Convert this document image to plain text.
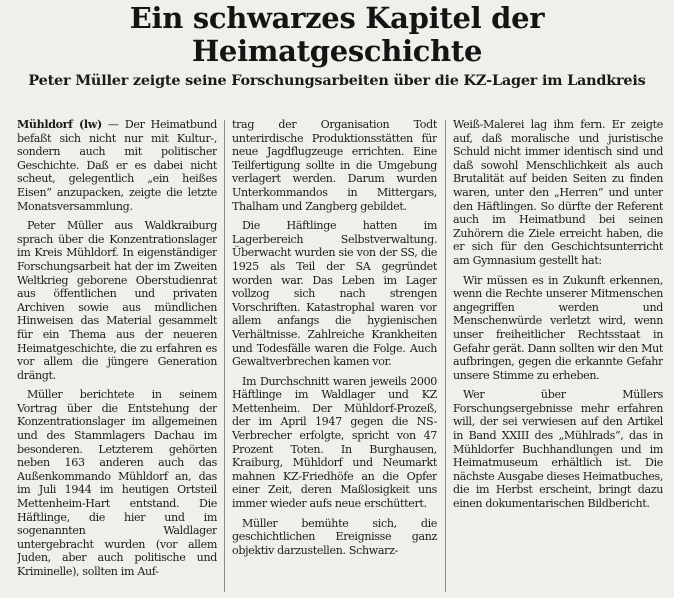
Ein schwarzes Kapitel der
Heimatgeschichte
Peter Müller zeigte seine Forschungsarbeiten über die KZ-Lager im Landkreis

Mühldorf (lw) — Der Heimatbund befaßt sich nicht nur mit Kultur-, sondern auch mit politischer Geschichte. Daß er es dabei nicht scheut, gelegentlich „ein heißes Eisen“ anzupacken, zeigte die letzte Monatsversammlung.

Peter Müller aus Waldkraiburg sprach über die Konzentrationslager im Kreis Mühldorf. In eigenständiger Forschungsarbeit hat der im Zweiten Weltkrieg geborene Oberstudienrat aus öffentlichen und privaten Archiven sowie aus mündlichen Hinweisen das Material gesammelt für ein Thema aus der neueren Heimatgeschichte, die zu erfahren es vor allem die jüngere Generation drängt.

Müller berichtete in seinem Vortrag über die Entstehung der Konzentrationslager im allgemeinen und des Stammlagers Dachau im besonderen. Letzterem gehörten neben 163 anderen auch das Außenkommando Mühldorf an, das im Juli 1944 im heutigen Ortsteil Mettenheim-Hart entstand. Die Häftlinge, die hier und im sogenannten Waldlager untergebracht wurden (vor allem Juden, aber auch politische und Kriminelle), sollten im Auf-

trag der Organisation Todt unterirdische Produktionsstätten für neue Jagdflugzeuge errichten. Eine Teilfertigung sollte in die Umgebung verlagert werden. Darum wurden Unterkommandos in Mittergars, Thalham und Zangberg gebildet.

Die Häftlinge hatten im Lagerbereich Selbstverwaltung. Überwacht wurden sie von der SS, die 1925 als Teil der SA gegründet worden war. Das Leben im Lager vollzog sich nach strengen Vorschriften. Katastrophal waren vor allem anfangs die hygienischen Verhältnisse. Zahlreiche Krankheiten und Todesfälle waren die Folge. Auch Gewaltverbrechen kamen vor.

Im Durchschnitt waren jeweils 2000 Häftlinge im Waldlager und KZ Mettenheim. Der Mühldorf-Prozeß, der im April 1947 gegen die NS-Verbrecher erfolgte, spricht von 47 Prozent Toten. In Burghausen, Kraiburg, Mühldorf und Neumarkt mahnen KZ-Friedhöfe an die Opfer einer Zeit, deren Maßlosigkeit uns immer wieder aufs neue erschüttert.

Müller bemühte sich, die geschichtlichen Ereignisse ganz objektiv darzustellen. Schwarz-

Weiß-Malerei lag ihm fern. Er zeigte auf, daß moralische und juristische Schuld nicht immer identisch sind und daß sowohl Menschlichkeit als auch Brutalität auf beiden Seiten zu finden waren, unter den „Herren“ und unter den Häftlingen. So dürfte der Referent auch im Heimatbund bei seinen Zuhörern die Ziele erreicht haben, die er sich für den Geschichtsunterricht am Gymnasium gestellt hat:

Wir müssen es in Zukunft erkennen, wenn die Rechte unserer Mitmenschen angegriffen werden und Menschenwürde verletzt wird, wenn unser freiheitlicher Rechtsstaat in Gefahr gerät. Dann sollten wir den Mut aufbringen, gegen die erkannte Gefahr unsere Stimme zu erheben.

Wer über Müllers Forschungsergebnisse mehr erfahren will, der sei verwiesen auf den Artikel in Band XXIII des „Mühlrads“, das in Mühldorfer Buchhandlungen und im Heimatmuseum erhältlich ist. Die nächste Ausgabe dieses Heimatbuches, die im Herbst erscheint, bringt dazu einen dokumentarischen Bildbericht.
